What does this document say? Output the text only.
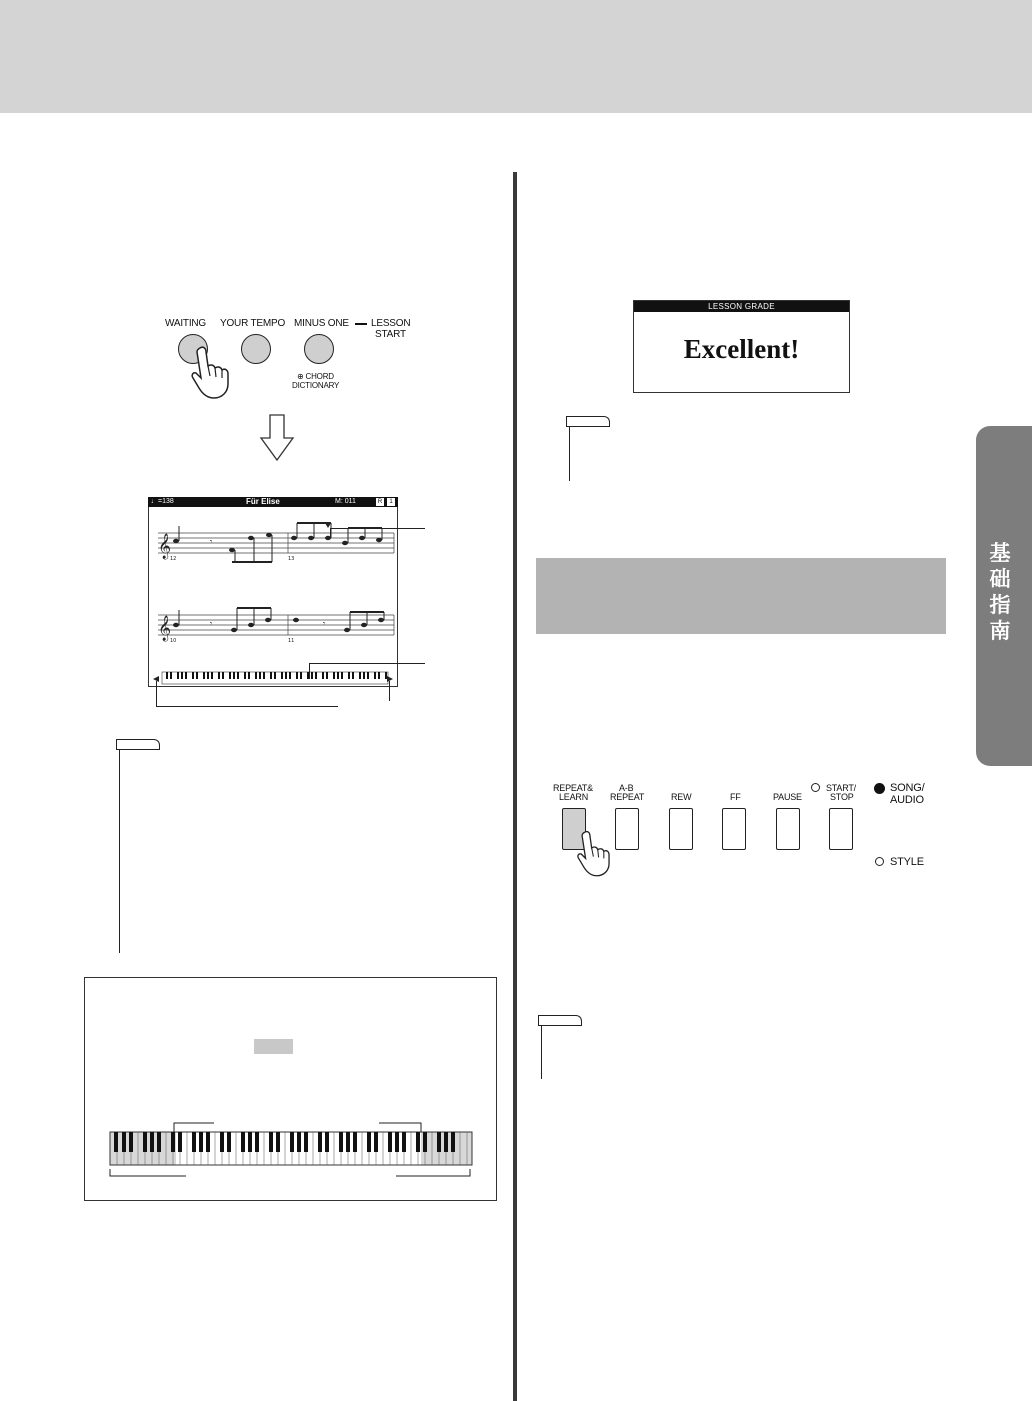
基
础
指
南
WAITING YOUR TEMPO MINUS ONE LESSON
START
⊕ CHORD
DICTIONARY
♩=138	Für Elise	M: 011	R	1
𝄞
𝄞
𝄾
𝄾	𝄾
12	13
10	11
LESSON GRADE
Excellent!
REPEAT&
LEARN
A-B
REPEAT	REW	FF	PAUSE
START/
STOP
SONG/
AUDIO
STYLE
